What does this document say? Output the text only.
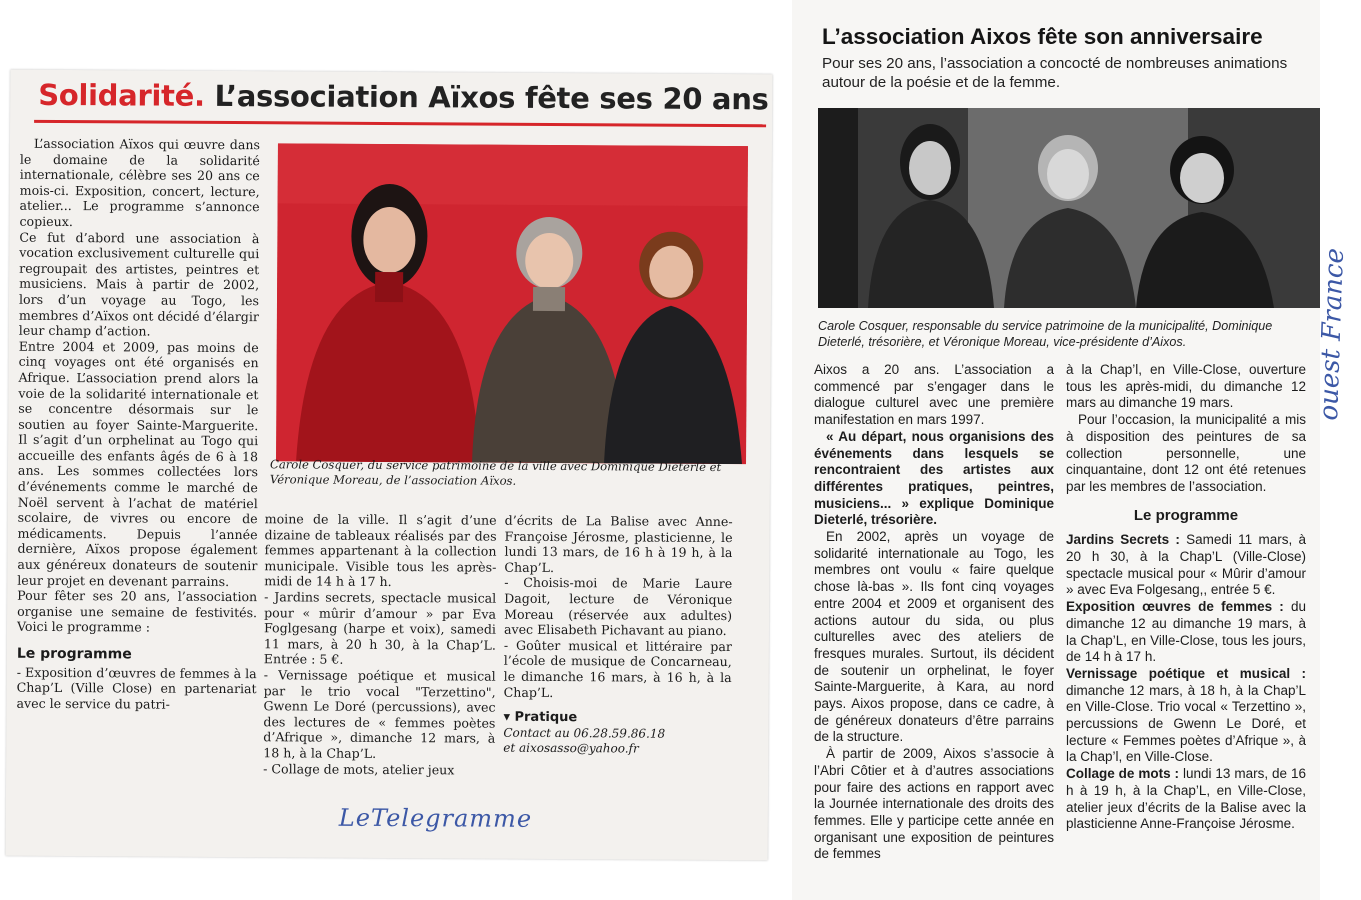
Solidarité. L’association Aïxos fête ses 20 ans

L’association Aïxos qui œuvre dans le domaine de la solidarité internationale, célèbre ses 20 ans ce mois-ci. Exposition, concert, lecture, atelier... Le programme s’annonce copieux.

Ce fut d’abord une association à vocation exclusivement culturelle qui regroupait des artistes, peintres et musiciens. Mais à partir de 2002, lors d’un voyage au Togo, les membres d’Aïxos ont décidé d’élargir leur champ d’action.

Entre 2004 et 2009, pas moins de cinq voyages ont été organisés en Afrique. L’association prend alors la voie de la solidarité internationale et se concentre désormais sur le soutien au foyer Sainte-Marguerite. Il s’agit d’un orphelinat au Togo qui accueille des enfants âgés de 6 à 18 ans. Les sommes collectées lors d’événements comme le marché de Noël servent à l’achat de matériel scolaire, de vivres ou encore de médicaments. Depuis l’année dernière, Aïxos propose également aux généreux donateurs de soutenir leur projet en devenant parrains.

Pour fêter ses 20 ans, l’association organise une semaine de festivités. Voici le programme :

Le programme

- Exposition d’œuvres de femmes à la Chap’L (Ville Close) en partenariat avec le service du patri-

Carole Cosquer, du service patrimoine de la ville avec Dominique Dieterlé et Véronique Moreau, de l’association Aïxos.
moine de la ville. Il s’agit d’une dizaine de tableaux réalisés par des femmes appartenant à la collection municipale. Visible tous les après-midi de 14 h à 17 h.
- Jardins secrets, spectacle musical pour « mûrir d’amour » par Eva Foglgesang (harpe et voix), samedi 11 mars, à 20 h 30, à la Chap’L. Entrée : 5 €.
- Vernissage poétique et musical par le trio vocal "Terzettino", Gwenn Le Doré (percussions), avec des lectures de « femmes poètes d’Afrique », dimanche 12 mars, à 18 h, à la Chap’L.
- Collage de mots, atelier jeux
d’écrits de La Balise avec Anne-Françoise Jérosme, plasticienne, le lundi 13 mars, de 16 h à 19 h, à la Chap’L.
- Choisis-moi de Marie Laure Dagoit, lecture de Véronique Moreau (réservée aux adultes) avec Elisabeth Pichavant au piano.
- Goûter musical et littéraire par l’école de musique de Concarneau, le dimanche 16 mars, à 16 h, à la Chap’L.
▾ Pratique

Contact au 06.28.59.86.18

et aixosasso@yahoo.fr

LeTelegramme
L’association Aixos fête son anniversaire
Pour ses 20 ans, l’association a concocté de nombreuses animations autour de la poésie et de la femme.
Carole Cosquer, responsable du service patrimoine de la municipalité, Dominique Dieterlé, trésorière, et Véronique Moreau, vice-présidente d’Aixos.

Aixos a 20 ans. L’association a commencé par s’engager dans le dialogue culturel avec une première manifestation en mars 1997.

« Au départ, nous organisions des événements dans lesquels se rencontraient des artistes aux différentes pratiques, peintres, musiciens... » explique Dominique Dieterlé, trésorière.

En 2002, après un voyage de solidarité internationale au Togo, les membres ont voulu « faire quelque chose là-bas ». Ils font cinq voyages entre 2004 et 2009 et organisent des actions autour du sida, ou plus culturelles avec des ateliers de fresques murales. Surtout, ils décident de soutenir un orphelinat, le foyer Sainte-Marguerite, à Kara, au nord pays. Aixos propose, dans ce cadre, à de généreux donateurs d’être parrains de la structure.

À partir de 2009, Aixos s’associe à l’Abri Côtier et à d’autres associations pour faire des actions en rapport avec la Journée internationale des droits des femmes. Elle y participe cette année en organisant une exposition de peintures de femmes

à la Chap’l, en Ville-Close, ouverture tous les après-midi, du dimanche 12 mars au dimanche 19 mars.

Pour l’occasion, la municipalité a mis à disposition des peintures de sa collection personnelle, une cinquantaine, dont 12 ont été retenues par les membres de l’association.

Le programme

Jardins Secrets : Samedi 11 mars, à 20 h 30, à la Chap’L (Ville-Close) spectacle musical pour « Mûrir d’amour » avec Eva Folgesang,, entrée 5 €.

Exposition œuvres de femmes : du dimanche 12 au dimanche 19 mars, à la Chap’L, en Ville-Close, tous les jours, de 14 h à 17 h.

Vernissage poétique et musical : dimanche 12 mars, à 18 h, à la Chap’L en Ville-Close. Trio vocal « Terzettino », percussions de Gwenn Le Doré, et lecture « Femmes poètes d’Afrique », à la Chap’l, en Ville-Close.

Collage de mots : lundi 13 mars, de 16 h à 19 h, à la Chap’L, en Ville-Close, atelier jeux d’écrits de la Balise avec la plasticienne Anne-Françoise Jérosme.

ouest France
